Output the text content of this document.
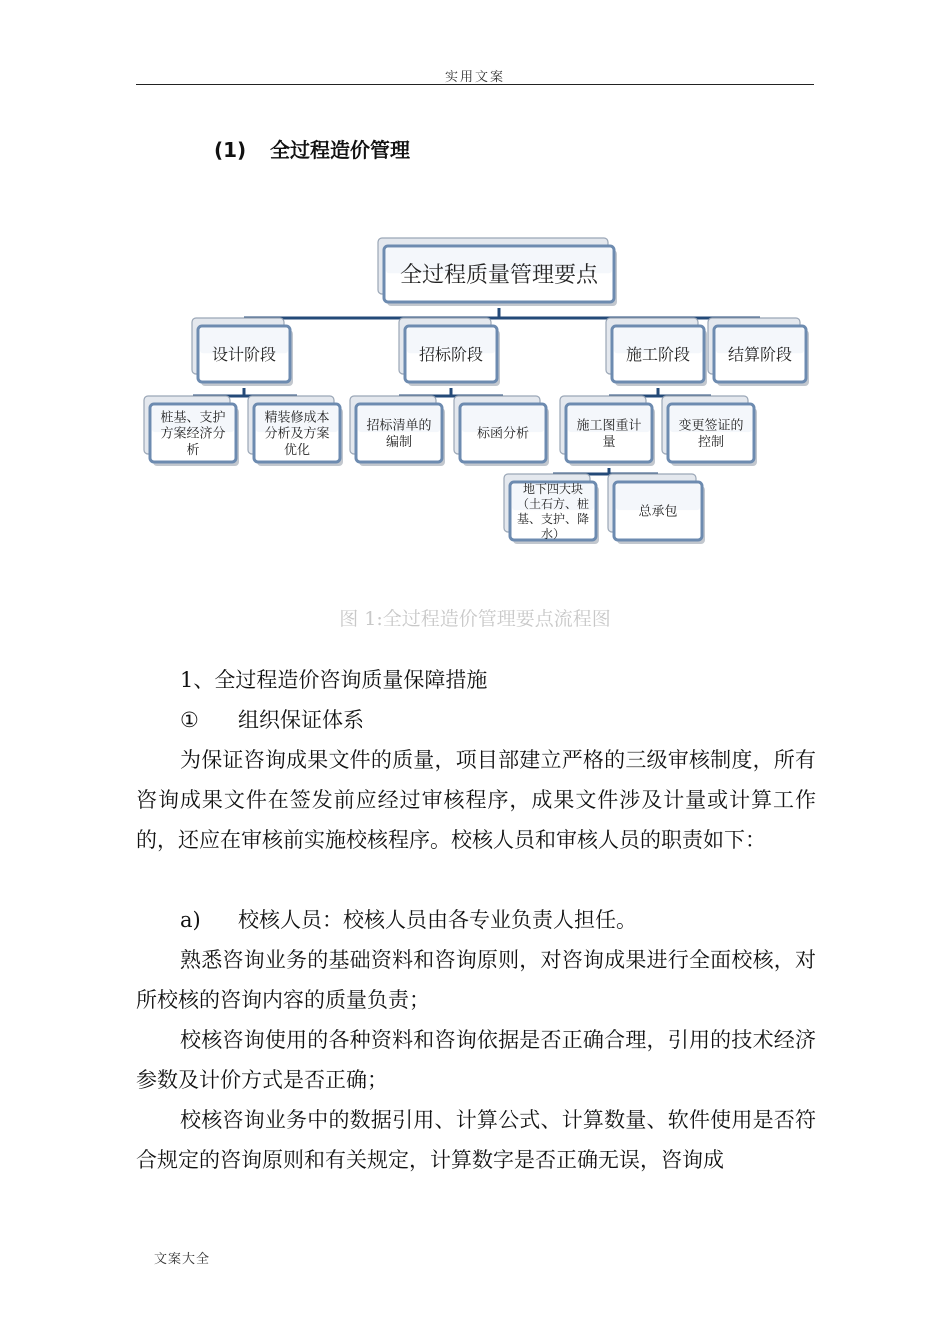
实用文案
(1) 全过程造价管理
全过程质量管理要点
设计阶段	招标阶段	施工阶段 结算阶段
桩基、支护
方案经济分
析
精装修成本
分析及方案
优化
招标清单的
编制
标函分析
施工图重计
量
变更签证的
控制
地下四大块
（土石方、桩
基、支护、降
水）
总承包
图 1:全过程造价管理要点流程图

1、全过程造价咨询质量保障措施

① 组织保证体系

为保证咨询成果文件的质量，项目部建立严格的三级审核制度，所有咨询成果文件在签发前应经过审核程序，成果文件涉及计量或计算工作的，还应在审核前实施校核程序。校核人员和审核人员的职责如下：

a) 校核人员：校核人员由各专业负责人担任。

熟悉咨询业务的基础资料和咨询原则，对咨询成果进行全面校核，对所校核的咨询内容的质量负责；

校核咨询使用的各种资料和咨询依据是否正确合理，引用的技术经济参数及计价方式是否正确；

校核咨询业务中的数据引用、计算公式、计算数量、软件使用是否符合规定的咨询原则和有关规定，计算数字是否正确无误，咨询成

文案大全
